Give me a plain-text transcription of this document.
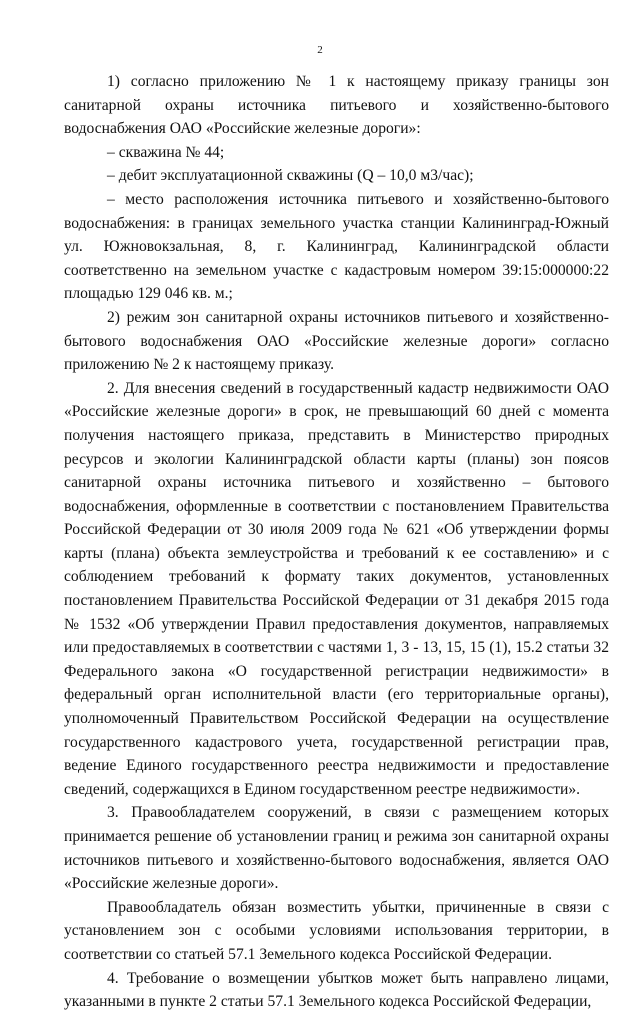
2

1) согласно приложению № 1 к настоящему приказу границы зон санитарной охраны источника питьевого и хозяйственно-бытового водоснабжения ОАО «Российские железные дороги»:

– скважина № 44;

– дебит эксплуатационной скважины (Q – 10,0 м3/час);

– место расположения источника питьевого и хозяйственно-бытового водоснабжения: в границах земельного участка станции Калининград-Южный ул. Южновокзальная, 8, г. Калининград, Калининградской области соответственно на земельном участке с кадастровым номером 39:15:000000:22 площадью 129 046 кв. м.;

2) режим зон санитарной охраны источников питьевого и хозяйственно-бытового водоснабжения ОАО «Российские железные дороги» согласно приложению № 2 к настоящему приказу.

2. Для внесения сведений в государственный кадастр недвижимости ОАО «Российские железные дороги» в срок, не превышающий 60 дней с момента получения настоящего приказа, представить в Министерство природных ресурсов и экологии Калининградской области карты (планы) зон поясов санитарной охраны источника питьевого и хозяйственно – бытового водоснабжения, оформленные в соответствии с постановлением Правительства Российской Федерации от 30 июля 2009 года № 621 «Об утверждении формы карты (плана) объекта землеустройства и требований к ее составлению» и с соблюдением требований к формату таких документов, установленных постановлением Правительства Российской Федерации от 31 декабря 2015 года № 1532 «Об утверждении Правил предоставления документов, направляемых или предоставляемых в соответствии с частями 1, 3 - 13, 15, 15 (1), 15.2 статьи 32 Федерального закона «О государственной регистрации недвижимости» в федеральный орган исполнительной власти (его территориальные органы), уполномоченный Правительством Российской Федерации на осуществление государственного кадастрового учета, государственной регистрации прав, ведение Единого государственного реестра недвижимости и предоставление сведений, содержащихся в Едином государственном реестре недвижимости».

3. Правообладателем сооружений, в связи с размещением которых принимается решение об установлении границ и режима зон санитарной охраны источников питьевого и хозяйственно-бытового водоснабжения, является ОАО «Российские железные дороги».

Правообладатель обязан возместить убытки, причиненные в связи с установлением зон с особыми условиями использования территории, в соответствии со статьей 57.1 Земельного кодекса Российской Федерации.

4. Требование о возмещении убытков может быть направлено лицами, указанными в пункте 2 статьи 57.1 Земельного кодекса Российской Федерации,
